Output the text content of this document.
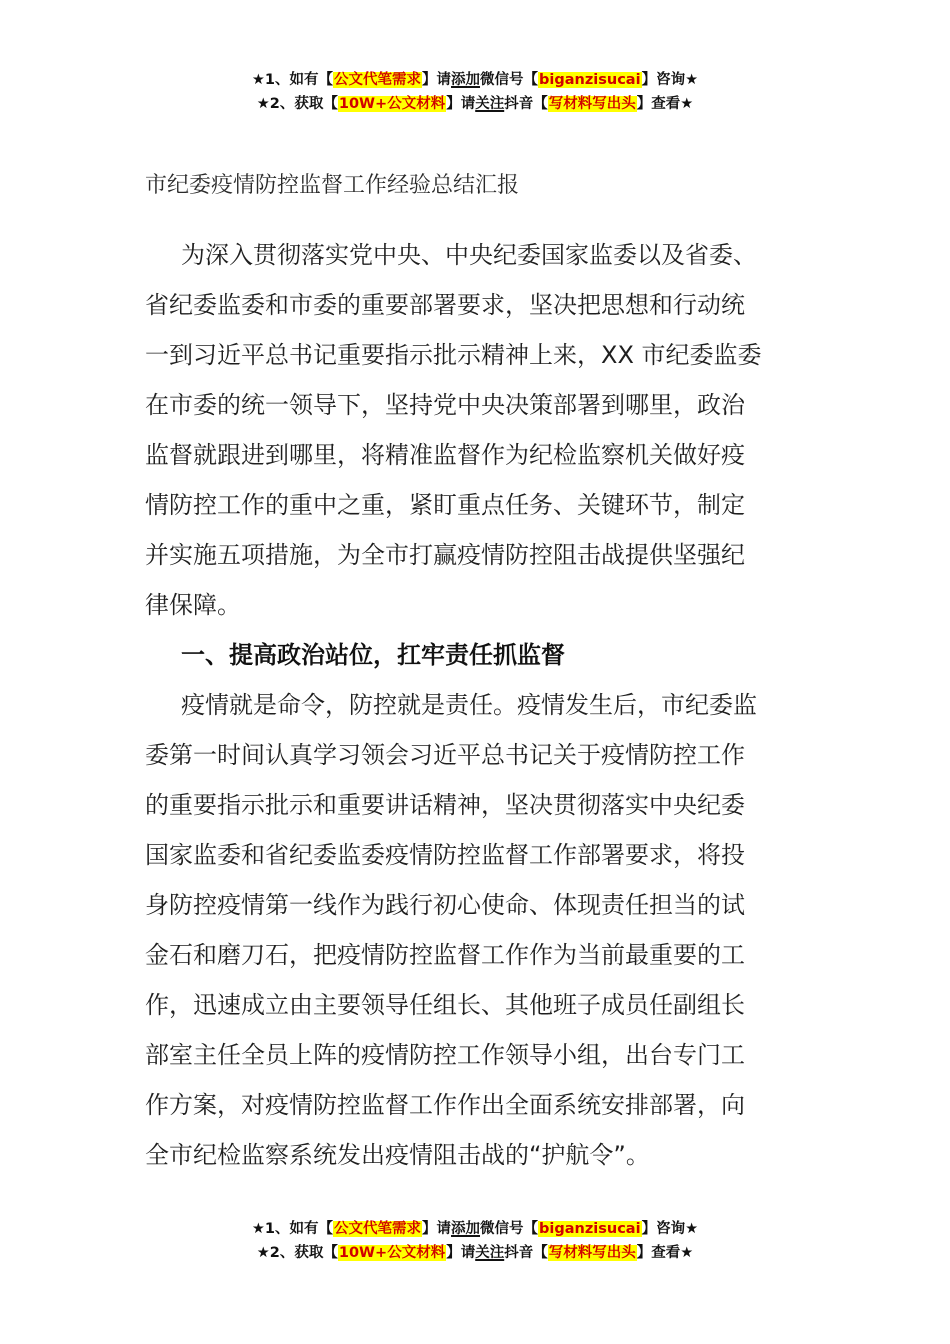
★1、如有【公文代笔需求】请添加微信号【biganzisucai】咨询★
★2、获取【10W+公文材料】请关注抖音【写材料写出头】查看★
市纪委疫情防控监督工作经验总结汇报
为深入贯彻落实党中央、中央纪委国家监委以及省委、
省纪委监委和市委的重要部署要求，坚决把思想和行动统
一到习近平总书记重要指示批示精神上来，XX 市纪委监委
在市委的统一领导下，坚持党中央决策部署到哪里，政治
监督就跟进到哪里，将精准监督作为纪检监察机关做好疫
情防控工作的重中之重，紧盯重点任务、关键环节，制定
并实施五项措施，为全市打赢疫情防控阻击战提供坚强纪
律保障。
一、提高政治站位，扛牢责任抓监督
疫情就是命令，防控就是责任。疫情发生后，市纪委监
委第一时间认真学习领会习近平总书记关于疫情防控工作
的重要指示批示和重要讲话精神，坚决贯彻落实中央纪委
国家监委和省纪委监委疫情防控监督工作部署要求，将投
身防控疫情第一线作为践行初心使命、体现责任担当的试
金石和磨刀石，把疫情防控监督工作作为当前最重要的工
作，迅速成立由主要领导任组长、其他班子成员任副组长
部室主任全员上阵的疫情防控工作领导小组，出台专门工
作方案，对疫情防控监督工作作出全面系统安排部署，向
全市纪检监察系统发出疫情阻击战的“护航令”。
★1、如有【公文代笔需求】请添加微信号【biganzisucai】咨询★
★2、获取【10W+公文材料】请关注抖音【写材料写出头】查看★
